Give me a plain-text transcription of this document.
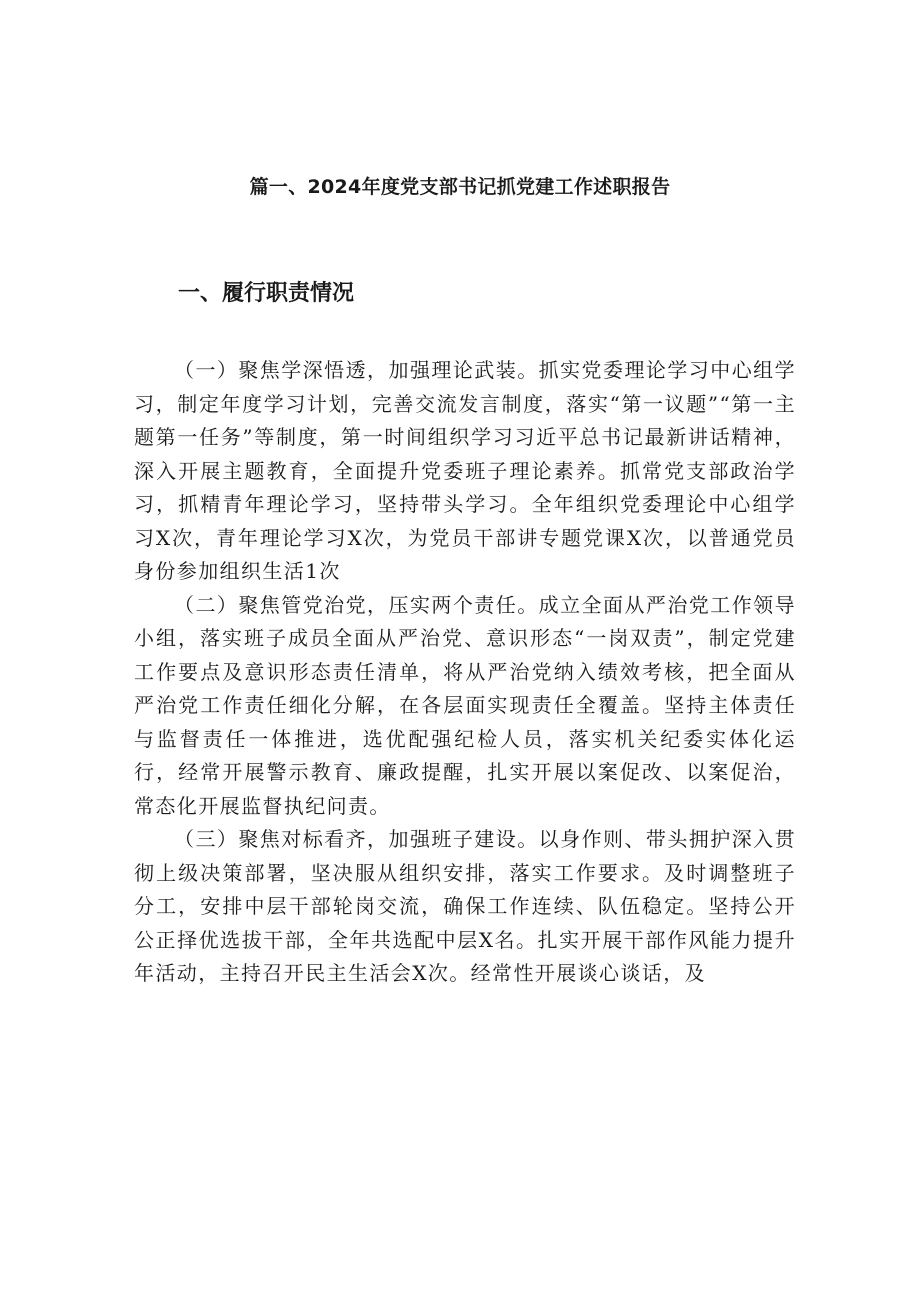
篇一、2024年度党支部书记抓党建工作述职报告
一、履行职责情况

（一）聚焦学深悟透，加强理论武装。抓实党委理论学习中心组学习，制定年度学习计划，完善交流发言制度，落实“第一议题”“第一主题第一任务”等制度，第一时间组织学习习近平总书记最新讲话精神，深入开展主题教育，全面提升党委班子理论素养。抓常党支部政治学习，抓精青年理论学习，坚持带头学习。全年组织党委理论中心组学习X次，青年理论学习X次，为党员干部讲专题党课X次，以普通党员身份参加组织生活1次

（二）聚焦管党治党，压实两个责任。成立全面从严治党工作领导小组，落实班子成员全面从严治党、意识形态“一岗双责”，制定党建工作要点及意识形态责任清单，将从严治党纳入绩效考核，把全面从严治党工作责任细化分解，在各层面实现责任全覆盖。坚持主体责任与监督责任一体推进，选优配强纪检人员，落实机关纪委实体化运行，经常开展警示教育、廉政提醒，扎实开展以案促改、以案促治，常态化开展监督执纪问责。

（三）聚焦对标看齐，加强班子建设。以身作则、带头拥护深入贯彻上级决策部署，坚决服从组织安排，落实工作要求。及时调整班子分工，安排中层干部轮岗交流，确保工作连续、队伍稳定。坚持公开公正择优选拔干部，全年共选配中层X名。扎实开展干部作风能力提升年活动，主持召开民主生活会X次。经常性开展谈心谈话，及
